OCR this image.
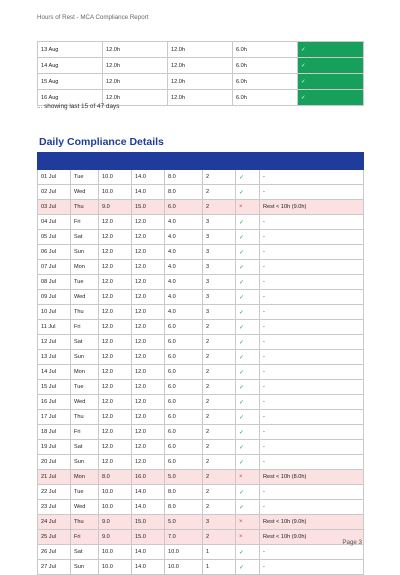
Hours of Rest - MCA Compliance Report
13 Aug	12.0h	12.0h	6.0h	✓
14 Aug	12.0h	12.0h	6.0h	✓
15 Aug	12.0h	12.0h	6.0h	✓
16 Aug	12.0h	12.0h	6.0h	✓
... showing last 15 of 47 days
Daily Compliance Details

01 Jul	Tue	10.0	14.0	8.0	2	✓	-
02 Jul	Wed	10.0	14.0	8.0	2	✓	-
03 Jul	Thu	9.0	15.0	6.0	2	×	Rest < 10h (9.0h)
04 Jul	Fri	12.0	12.0	4.0	3	✓	-
05 Jul	Sat	12.0	12.0	4.0	3	✓	-
06 Jul	Sun	12.0	12.0	4.0	3	✓	-
07 Jul	Mon	12.0	12.0	4.0	3	✓	-
08 Jul	Tue	12.0	12.0	4.0	3	✓	-
09 Jul	Wed	12.0	12.0	4.0	3	✓	-
10 Jul	Thu	12.0	12.0	4.0	3	✓	-
11 Jul	Fri	12.0	12.0	6.0	2	✓	-
12 Jul	Sat	12.0	12.0	6.0	2	✓	-
13 Jul	Sun	12.0	12.0	6.0	2	✓	-
14 Jul	Mon	12.0	12.0	6.0	2	✓	-
15 Jul	Tue	12.0	12.0	6.0	2	✓	-
16 Jul	Wed	12.0	12.0	6.0	2	✓	-
17 Jul	Thu	12.0	12.0	6.0	2	✓	-
18 Jul	Fri	12.0	12.0	6.0	2	✓	-
19 Jul	Sat	12.0	12.0	6.0	2	✓	-
20 Jul	Sun	12.0	12.0	6.0	2	✓	-
21 Jul	Mon	8.0	16.0	5.0	2	×	Rest < 10h (8.0h)
22 Jul	Tue	10.0	14.0	8.0	2	✓	-
23 Jul	Wed	10.0	14.0	8.0	2	✓	-
24 Jul	Thu	9.0	15.0	5.0	3	×	Rest < 10h (9.0h)
25 Jul	Fri	9.0	15.0	7.0	2	×	Rest < 10h (9.0h)
26 Jul	Sat	10.0	14.0	10.0	1	✓	-
27 Jul	Sun	10.0	14.0	10.0	1	✓	-
Page 3
